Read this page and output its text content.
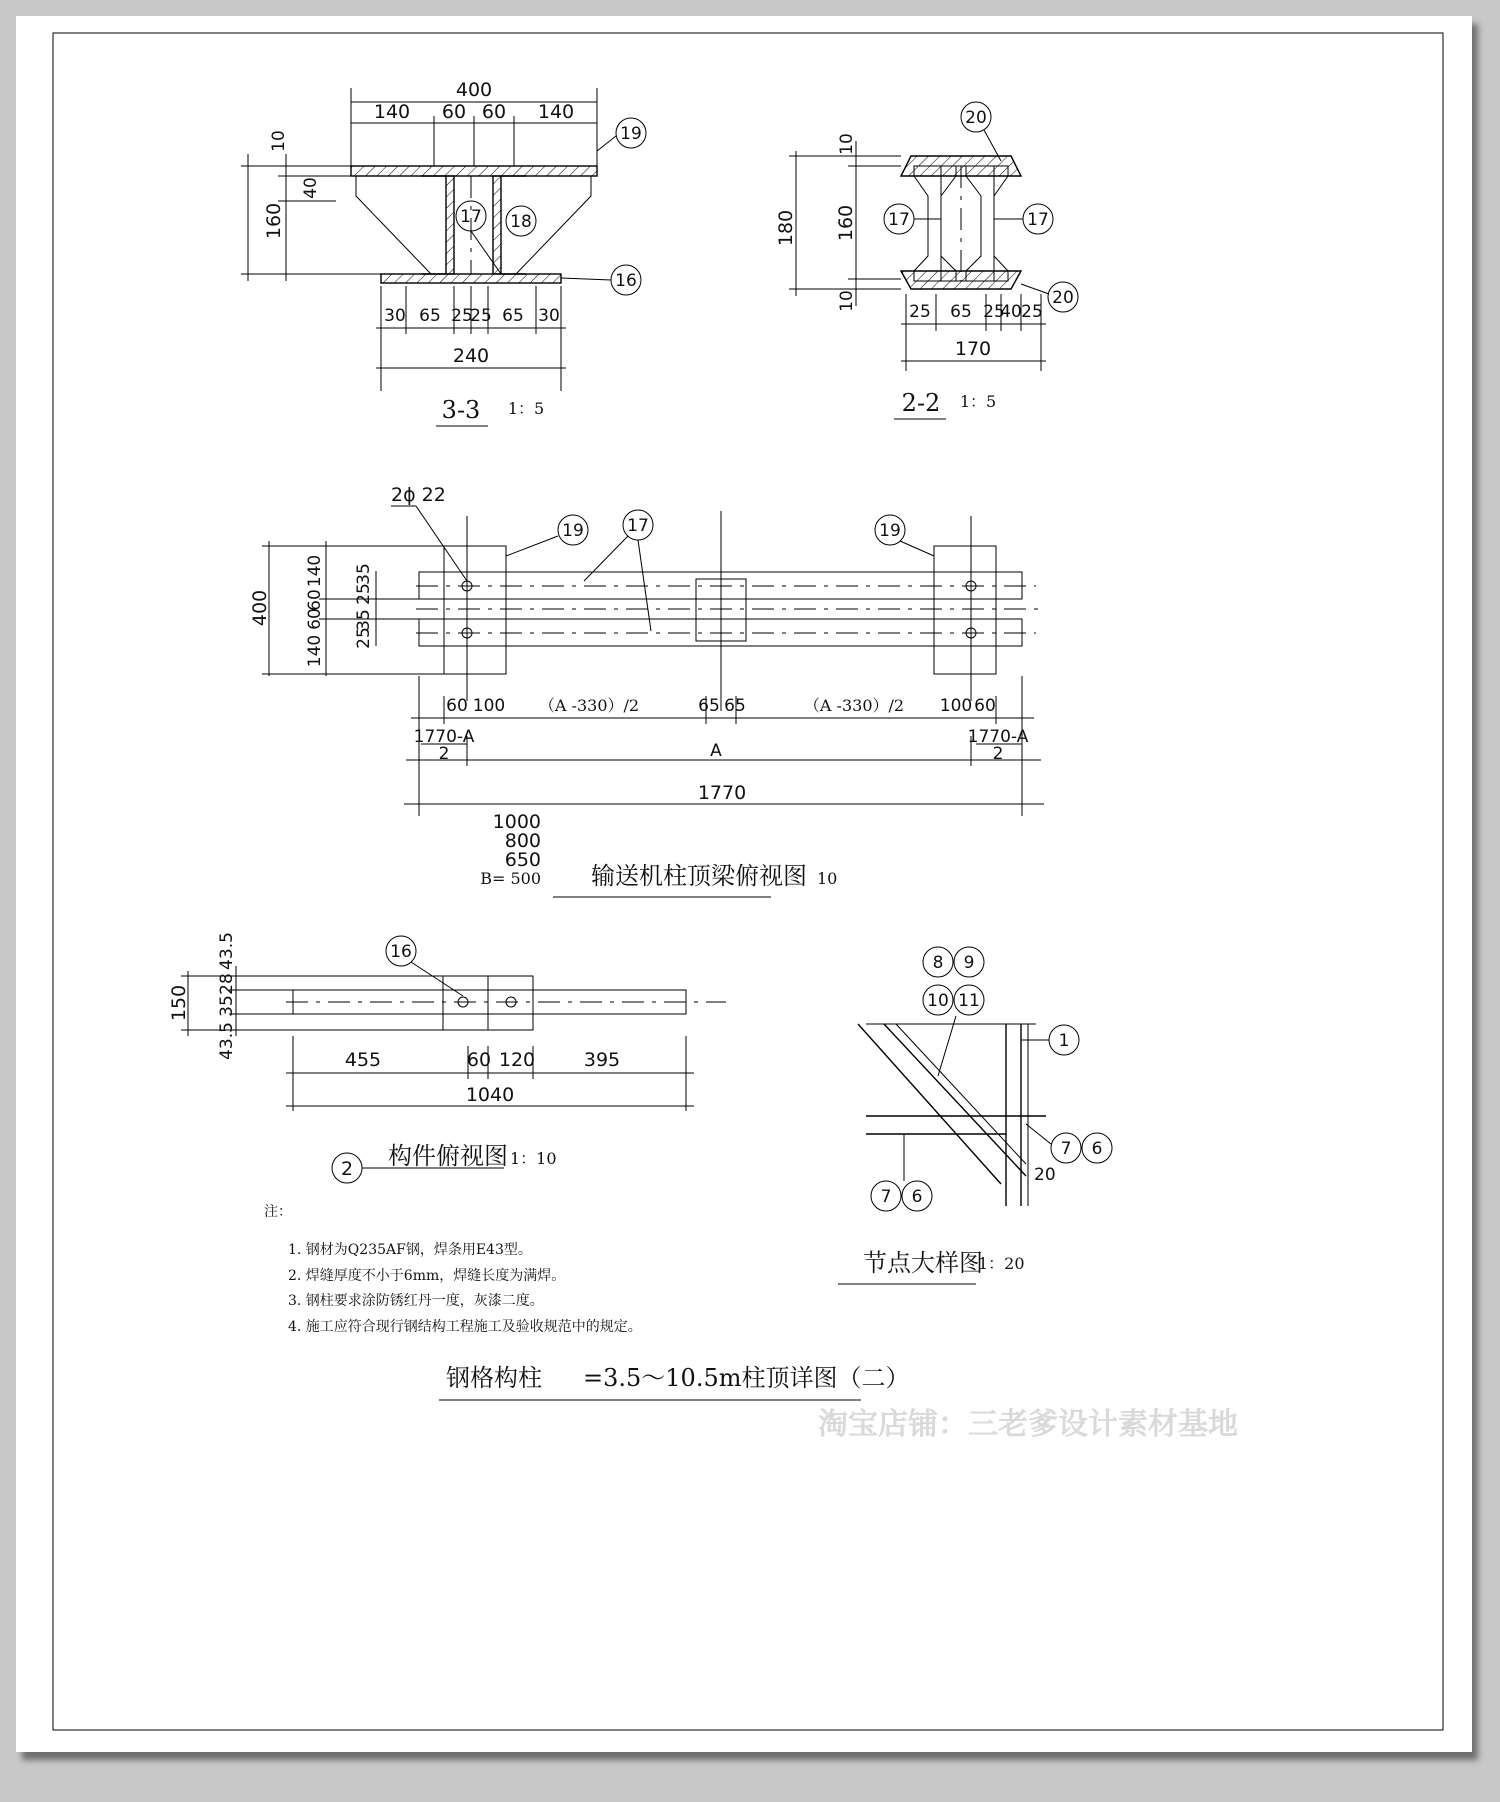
400
140 60 60 140
10
40
160
30 65 25
25 65 30
240
19
17 18
16
3-3 1：5
180
10
160
10
25 65 25
40 25
170
20
17	17
20
2-2 1：5
2ϕ 22
19	17	19
400
140
60
60
140
35
25
35
25
60 100 （A -330）/2	65 65	（A -330）/2 100 60
1770-A
2
1770-A
2
A
1770
1000
800
650
B= 500 输送机柱顶梁俯视图 10
16
150
43.5
28
35
43.5
455	60 120	395
1040
2 构件俯视图 1：10
8 9
10 11
1
7 6
7 6
20
节点大样图
1：20
注：
1. 钢材为Q235AF钢，焊条用E43型。
2. 焊缝厚度不小于6mm，焊缝长度为满焊。
3. 钢柱要求涂防锈红丹一度，灰漆二度。
4. 施工应符合现行钢结构工程施工及验收规范中的规定。
钢格构柱 =3.5～10.5m柱顶详图（二）
淘宝店铺：三老爹设计素材基地
